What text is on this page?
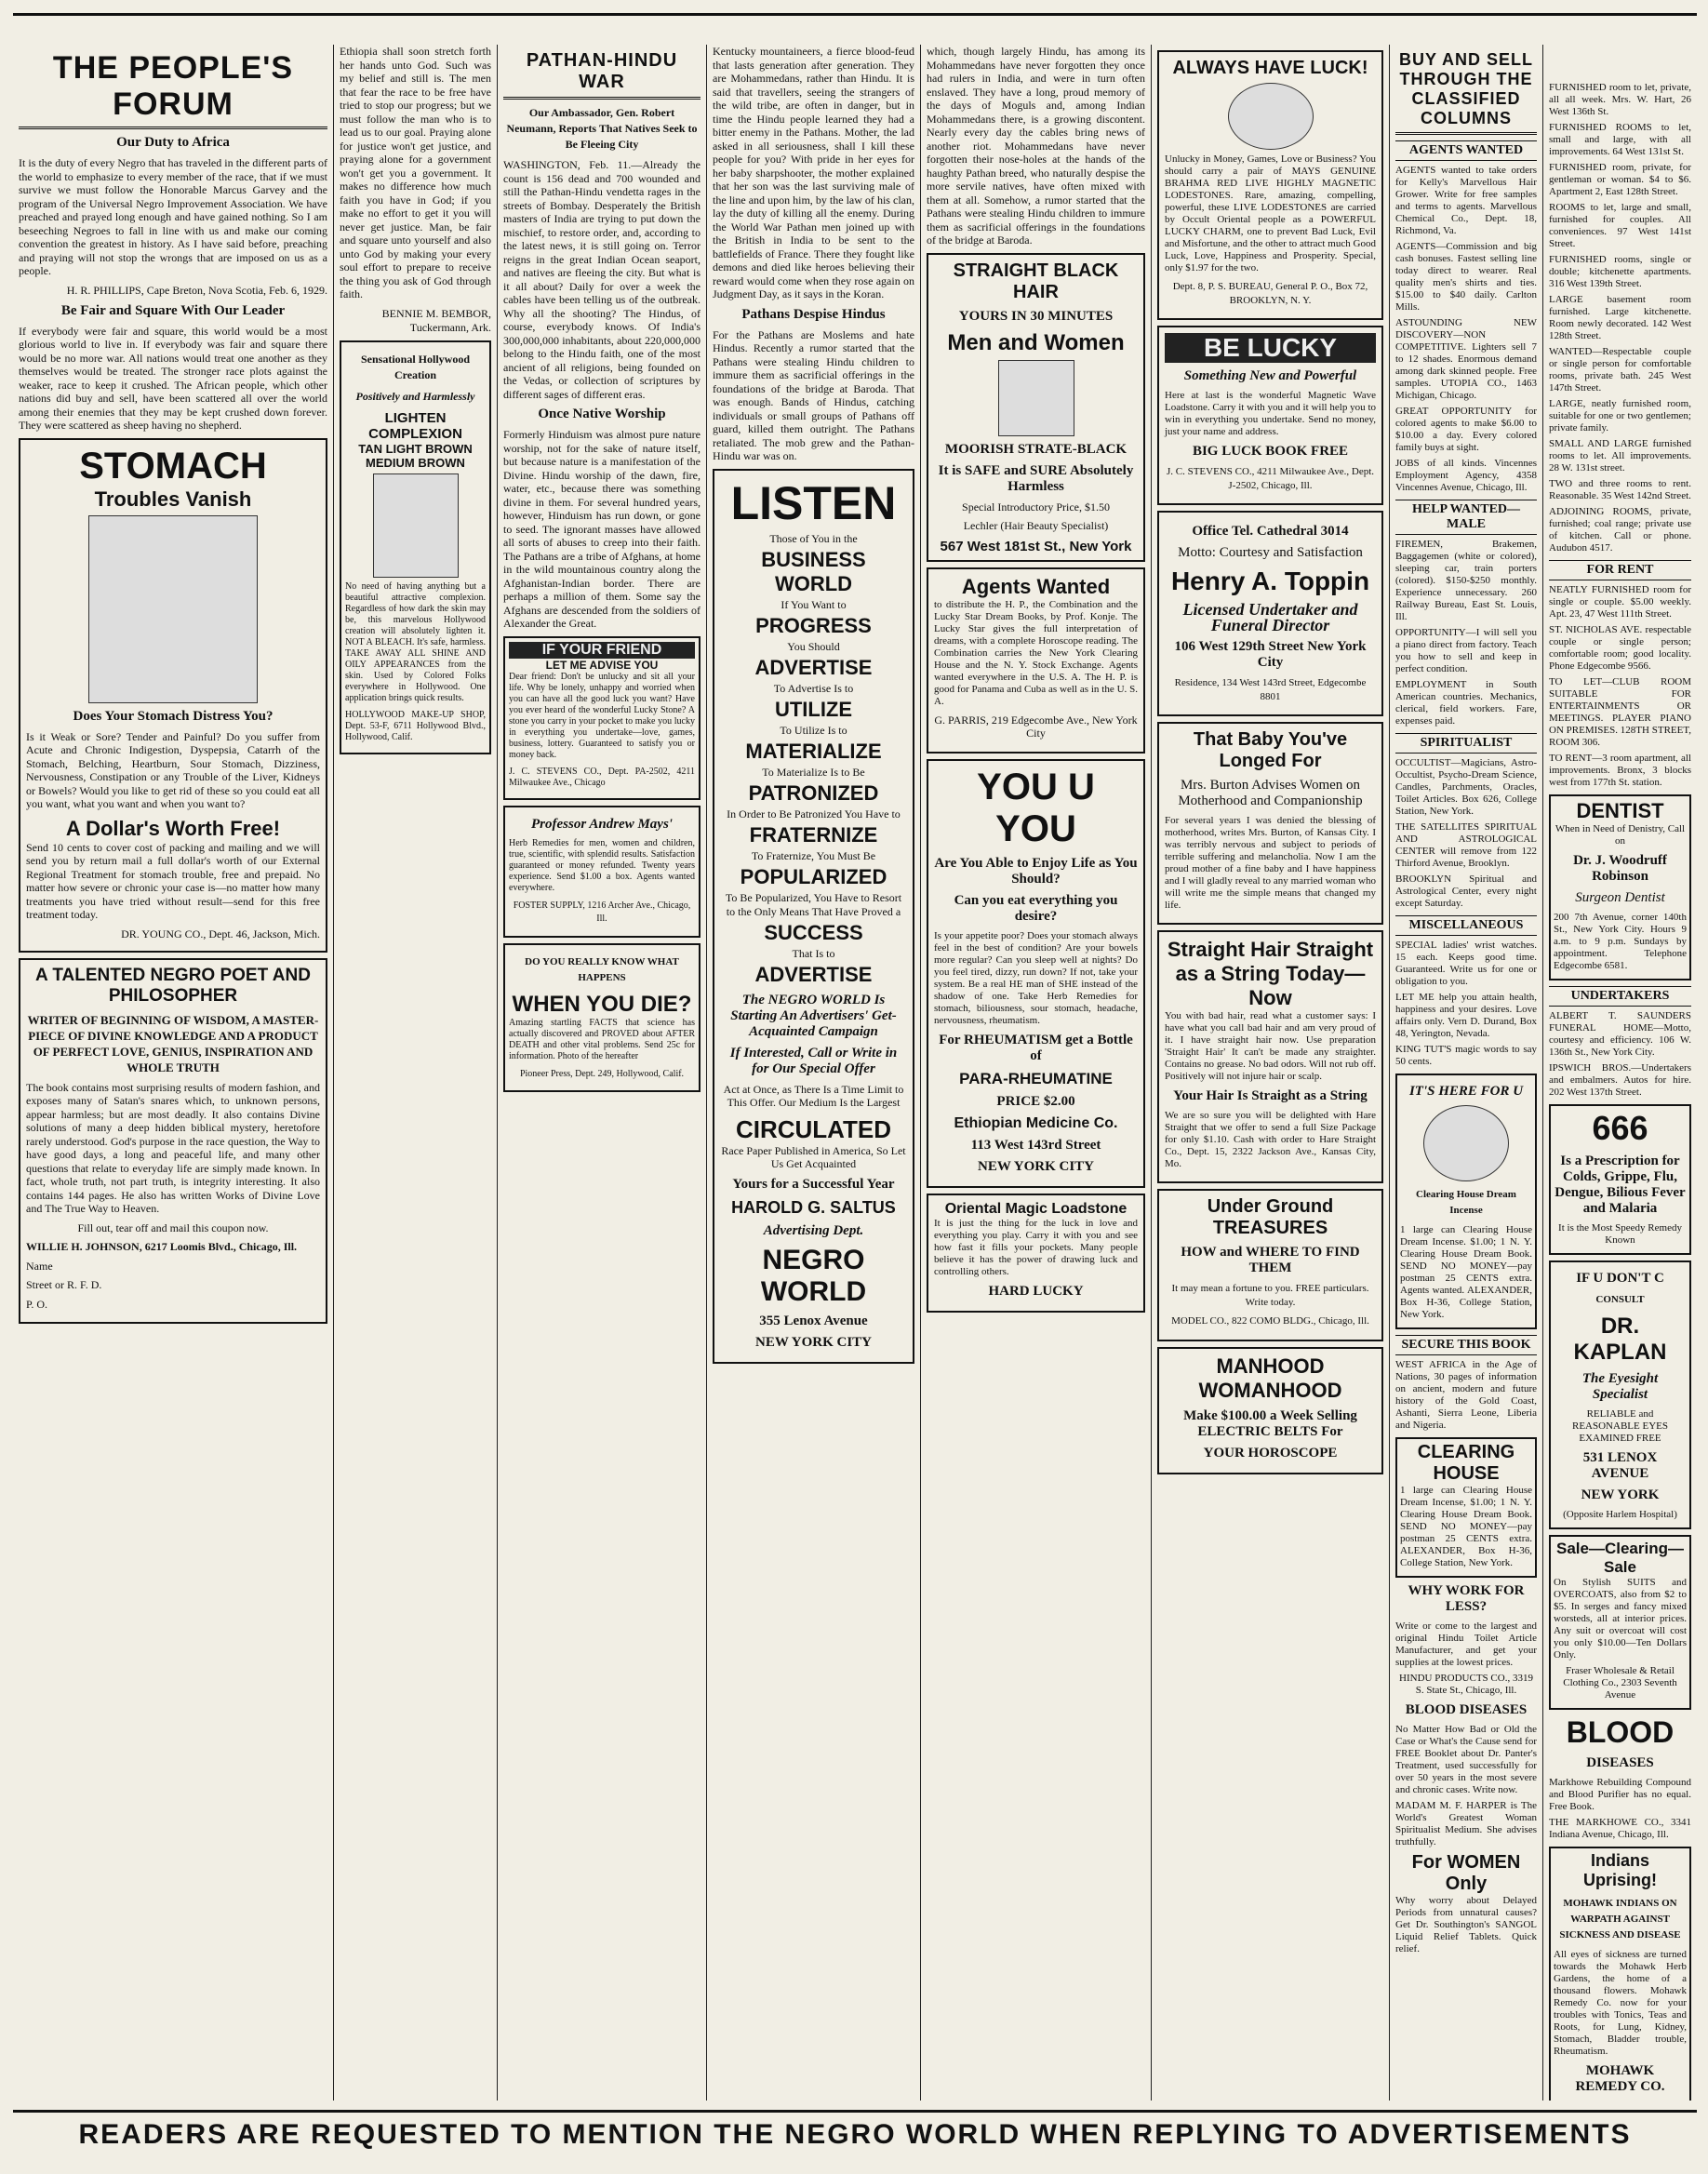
THE PEOPLE'S FORUM
Our Duty to Africa

It is the duty of every Negro that has traveled in the different parts of the world to emphasize to every member of the race, that if we must survive we must follow the Honorable Marcus Garvey and the program of the Universal Negro Improvement Association. We have preached and prayed long enough and have gained nothing. So I am beseeching Negroes to fall in line with us and make our coming convention the greatest in history. As I have said before, preaching and praying will not stop the wrongs that are imposed on us as a people.

H. R. PHILLIPS, Cape Breton, Nova Scotia, Feb. 6, 1929.

Be Fair and Square With Our Leader

If everybody were fair and square, this world would be a most glorious world to live in. If everybody was fair and square there would be no more war. All nations would treat one another as they themselves would be treated. The stronger race plots against the weaker, race to keep it crushed. The African people, which other nations did buy and sell, have been scattered all over the world among their enemies that they may be kept crushed down forever. They were scattered as sheep having no shepherd.

STOMACH
Troubles Vanish
Does Your Stomach Distress You?

Is it Weak or Sore? Tender and Painful? Do you suffer from Acute and Chronic Indigestion, Dyspepsia, Catarrh of the Stomach, Belching, Heartburn, Sour Stomach, Dizziness, Nervousness, Constipation or any Trouble of the Liver, Kidneys or Bowels? Would you like to get rid of these so you could eat all you want, what you want and when you want to?

A Dollar's Worth Free!

Send 10 cents to cover cost of packing and mailing and we will send you by return mail a full dollar's worth of our External Regional Treatment for stomach trouble, free and prepaid. No matter how severe or chronic your case is—no matter how many treatments you have tried without result—send for this free treatment today.

DR. YOUNG CO., Dept. 46, Jackson, Mich.

A TALENTED NEGRO POET AND PHILOSOPHER
WRITER OF BEGINNING OF WISDOM, A MASTER-PIECE OF DIVINE KNOWLEDGE AND A PRODUCT OF PERFECT LOVE, GENIUS, INSPIRATION AND WHOLE TRUTH

The book contains most surprising results of modern fashion, and exposes many of Satan's snares which, to unknown persons, appear harmless; but are most deadly. It also contains Divine solutions of many a deep hidden biblical mystery, heretofore rarely understood. God's purpose in the race question, the Way to have good days, a long and peaceful life, and many other questions that relate to everyday life are simply made known. In fact, whole truth, not part truth, is integrity interesting. It also contains 144 pages. He also has written Works of Divine Love and The True Way to Heaven.

Fill out, tear off and mail this coupon now.

WILLIE H. JOHNSON, 6217 Loomis Blvd., Chicago, Ill.

Name

Street or R. F. D.

P. O.

Ethiopia shall soon stretch forth her hands unto God. Such was my belief and still is. The men that fear the race to be free have tried to stop our progress; but we must follow the man who is to lead us to our goal. Praying alone for justice won't get justice, and praying alone for a government won't get you a government. It makes no difference how much faith you have in God; if you make no effort to get it you will never get justice. Man, be fair and square unto yourself and also unto God by making your every soul effort to prepare to receive the thing you ask of God through faith.

BENNIE M. BEMBOR, Tuckermann, Ark.

Sensational Hollywood Creation
Positively and Harmlessly
LIGHTEN COMPLEXION
TAN LIGHT BROWN MEDIUM BROWN

No need of having anything but a beautiful attractive complexion. Regardless of how dark the skin may be, this marvelous Hollywood creation will absolutely lighten it. NOT A BLEACH. It's safe, harmless. TAKE AWAY ALL SHINE AND OILY APPEARANCES from the skin. Used by Colored Folks everywhere in Hollywood. One application brings quick results.

HOLLYWOOD MAKE-UP SHOP, Dept. 53-F, 6711 Hollywood Blvd., Hollywood, Calif.

PATHAN-HINDU WAR
Our Ambassador, Gen. Robert Neumann, Reports That Natives Seek to Be Fleeing City

WASHINGTON, Feb. 11.—Already the count is 156 dead and 700 wounded and still the Pathan-Hindu vendetta rages in the streets of Bombay. Desperately the British masters of India are trying to put down the mischief, to restore order, and, according to the latest news, it is still going on. Terror reigns in the great Indian Ocean seaport, and natives are fleeing the city. But what is it all about? Daily for over a week the cables have been telling us of the outbreak. Why all the shooting? The Hindus, of course, everybody knows. Of India's 300,000,000 inhabitants, about 220,000,000 belong to the Hindu faith, one of the most ancient of all religions, being founded on the Vedas, or collection of scriptures by different sages of different eras.

Once Native Worship

Formerly Hinduism was almost pure nature worship, not for the sake of nature itself, but because nature is a manifestation of the Divine. Hindu worship of the dawn, fire, water, etc., because there was something divine in them. For several hundred years, however, Hinduism has run down, or gone to seed. The ignorant masses have allowed all sorts of abuses to creep into their faith. The Pathans are a tribe of Afghans, at home in the wild mountainous country along the Afghanistan-Indian border. There are perhaps a million of them. Some say the Afghans are descended from the soldiers of Alexander the Great.

IF YOUR FRIEND
LET ME ADVISE YOU

Dear friend: Don't be unlucky and sit all your life. Why be lonely, unhappy and worried when you can have all the good luck you want? Have you ever heard of the wonderful Lucky Stone? A stone you carry in your pocket to make you lucky in everything you undertake—love, games, business, lottery. Guaranteed to satisfy you or money back.

J. C. STEVENS CO., Dept. PA-2502, 4211 Milwaukee Ave., Chicago

Professor Andrew Mays'

Herb Remedies for men, women and children, true, scientific, with splendid results. Satisfaction guaranteed or money refunded. Twenty years experience. Send $1.00 a box. Agents wanted everywhere.

FOSTER SUPPLY, 1216 Archer Ave., Chicago, Ill.

DO YOU REALLY KNOW WHAT HAPPENS
WHEN YOU DIE?

Amazing startling FACTS that science has actually discovered and PROVED about AFTER DEATH and other vital problems. Send 25c for information. Photo of the hereafter

Pioneer Press, Dept. 249, Hollywood, Calif.

Kentucky mountaineers, a fierce blood-feud that lasts generation after generation. They are Mohammedans, rather than Hindu. It is said that travellers, seeing the strangers of the wild tribe, are often in danger, but in time the Hindu people learned they had a bitter enemy in the Pathans. Mother, the lad asked in all seriousness, shall I kill these people for you? With pride in her eyes for her baby sharpshooter, the mother explained that her son was the last surviving male of the line and upon him, by the law of his clan, lay the duty of killing all the enemy. During the World War Pathan men joined up with the British in India to be sent to the battlefields of France. There they fought like demons and died like heroes believing their reward would come when they rose again on Judgment Day, as it says in the Koran.

Pathans Despise Hindus

For the Pathans are Moslems and hate Hindus. Recently a rumor started that the Pathans were stealing Hindu children to immure them as sacrificial offerings in the foundations of the bridge at Baroda. That was enough. Bands of Hindus, catching individuals or small groups of Pathans off guard, killed them outright. The Pathans retaliated. The mob grew and the Pathan-Hindu war was on.

LISTEN
Those of You in the
BUSINESS WORLD
If You Want to
PROGRESS
You Should
ADVERTISE
To Advertise Is to
UTILIZE
To Utilize Is to
MATERIALIZE
To Materialize Is to Be
PATRONIZED
In Order to Be Patronized You Have to
FRATERNIZE
To Fraternize, You Must Be
POPULARIZED
To Be Popularized, You Have to Resort to the Only Means That Have Proved a
SUCCESS
That Is to
ADVERTISE
The NEGRO WORLD Is Starting An Advertisers' Get-Acquainted Campaign
If Interested, Call or Write in for Our Special Offer

Act at Once, as There Is a Time Limit to This Offer. Our Medium Is the Largest

CIRCULATED

Race Paper Published in America, So Let Us Get Acquainted

Yours for a Successful Year
HAROLD G. SALTUS
Advertising Dept.
NEGRO WORLD
355 Lenox Avenue
NEW YORK CITY

which, though largely Hindu, has among its Mohammedans have never forgotten they once had rulers in India, and were in turn often enslaved. They have a long, proud memory of the days of Moguls and, among Indian Mohammedans there, is a growing discontent. Nearly every day the cables bring news of another riot. Mohammedans have never forgotten their nose-holes at the hands of the haughty Pathan breed, who naturally despise the more servile natives, have often mixed with them at all. Somehow, a rumor started that the Pathans were stealing Hindu children to immure them as sacrificial offerings in the foundations of the bridge at Baroda.

STRAIGHT BLACK HAIR
YOURS IN 30 MINUTES
Men and Women
MOORISH STRATE-BLACK
It is SAFE and SURE Absolutely Harmless

Special Introductory Price, $1.50

Lechler (Hair Beauty Specialist)

567 West 181st St., New York
Agents Wanted

to distribute the H. P., the Combination and the Lucky Star Dream Books, by Prof. Konje. The Lucky Star gives the full interpretation of dreams, with a complete Horoscope reading. The Combination carries the New York Clearing House and the N. Y. Stock Exchange. Agents wanted everywhere in the U.S. A. The H. P. is good for Panama and Cuba as well as in the U. S. A.

G. PARRIS, 219 Edgecombe Ave., New York City

YOU U YOU
Are You Able to Enjoy Life as You Should?
Can you eat everything you desire?

Is your appetite poor? Does your stomach always feel in the best of condition? Are your bowels more regular? Can you sleep well at nights? Do you feel tired, dizzy, run down? If not, take your system. Be a real HE man of SHE instead of the shadow of one. Take Herb Remedies for stomach, biliousness, sour stomach, headache, nervousness, rheumatism.

For RHEUMATISM get a Bottle of
PARA-RHEUMATINE
PRICE $2.00
Ethiopian Medicine Co.
113 West 143rd Street
NEW YORK CITY
Oriental Magic Loadstone

It is just the thing for the luck in love and everything you play. Carry it with you and see how fast it fills your pockets. Many people believe it has the power of drawing luck and controlling others.

HARD LUCKY
ALWAYS HAVE LUCK!

Unlucky in Money, Games, Love or Business? You should carry a pair of MAYS GENUINE BRAHMA RED LIVE HIGHLY MAGNETIC LODESTONES. Rare, amazing, compelling, powerful, these LIVE LODESTONES are carried by Occult Oriental people as a POWERFUL LUCKY CHARM, one to prevent Bad Luck, Evil and Misfortune, and the other to attract much Good Luck, Love, Happiness and Prosperity. Special, only $1.97 for the two.

Dept. 8, P. S. BUREAU, General P. O., Box 72, BROOKLYN, N. Y.

BE LUCKY
Something New and Powerful

Here at last is the wonderful Magnetic Wave Loadstone. Carry it with you and it will help you to win in everything you undertake. Send no money, just your name and address.

BIG LUCK BOOK FREE

J. C. STEVENS CO., 4211 Milwaukee Ave., Dept. J-2502, Chicago, Ill.

Office Tel. Cathedral 3014
Motto: Courtesy and Satisfaction
Henry A. Toppin
Licensed Undertaker and Funeral Director
106 West 129th Street New York City

Residence, 134 West 143rd Street, Edgecombe 8801

That Baby You've Longed For
Mrs. Burton Advises Women on Motherhood and Companionship

For several years I was denied the blessing of motherhood, writes Mrs. Burton, of Kansas City. I was terribly nervous and subject to periods of terrible suffering and melancholia. Now I am the proud mother of a fine baby and I have happiness and I will gladly reveal to any married woman who will write me the simple means that changed my life.

Straight Hair Straight as a String Today—Now

You with bad hair, read what a customer says: I have what you call bad hair and am very proud of it. I have straight hair now. Use preparation 'Straight Hair' It can't be made any straighter. Contains no grease. No bad odors. Will not rub off. Positively will not injure hair or scalp.

Your Hair Is Straight as a String

We are so sure you will be delighted with Hare Straight that we offer to send a full Size Package for only $1.10. Cash with order to Hare Straight Co., Dept. 15, 2322 Jackson Ave., Kansas City, Mo.

Under Ground TREASURES
HOW and WHERE TO FIND THEM

It may mean a fortune to you. FREE particulars. Write today.

MODEL CO., 822 COMO BLDG., Chicago, Ill.

MANHOOD WOMANHOOD
Make $100.00 a Week Selling ELECTRIC BELTS For
YOUR HOROSCOPE
BUY AND SELL THROUGH THE CLASSIFIED COLUMNS
AGENTS WANTED

AGENTS wanted to take orders for Kelly's Marvellous Hair Grower. Write for free samples and terms to agents. Marvellous Chemical Co., Dept. 18, Richmond, Va.

AGENTS—Commission and big cash bonuses. Fastest selling line today direct to wearer. Real quality men's shirts and ties. $15.00 to $40 daily. Carlton Mills.

ASTOUNDING NEW DISCOVERY—NON COMPETITIVE. Lighters sell 7 to 12 shades. Enormous demand among dark skinned people. Free samples. UTOPIA CO., 1463 Michigan, Chicago.

GREAT OPPORTUNITY for colored agents to make $6.00 to $10.00 a day. Every colored family buys at sight.

JOBS of all kinds. Vincennes Employment Agency, 4358 Vincennes Avenue, Chicago, Ill.

HELP WANTED—MALE

FIREMEN, Brakemen, Baggagemen (white or colored), sleeping car, train porters (colored). $150-$250 monthly. Experience unnecessary. 260 Railway Bureau, East St. Louis, Ill.

OPPORTUNITY—I will sell you a piano direct from factory. Teach you how to sell and keep in perfect condition.

EMPLOYMENT in South American countries. Mechanics, clerical, field workers. Fare, expenses paid.

SPIRITUALIST

OCCULTIST—Magicians, Astro-Occultist, Psycho-Dream Science, Candles, Parchments, Oracles, Toilet Articles. Box 626, College Station, New York.

THE SATELLITES SPIRITUAL AND ASTROLOGICAL CENTER will remove from 122 Thirford Avenue, Brooklyn.

BROOKLYN Spiritual and Astrological Center, every night except Saturday.

MISCELLANEOUS

SPECIAL ladies' wrist watches. 15 each. Keeps good time. Guaranteed. Write us for one or obligation to you.

LET ME help you attain health, happiness and your desires. Love affairs only. Vern D. Durand, Box 48, Yerington, Nevada.

KING TUT'S magic words to say 50 cents.

IT'S HERE FOR U
Clearing House Dream Incense

1 large can Clearing House Dream Incense. $1.00; 1 N. Y. Clearing House Dream Book. SEND NO MONEY—pay postman 25 CENTS extra. Agents wanted. ALEXANDER, Box H-36, College Station, New York.

SECURE THIS BOOK

WEST AFRICA in the Age of Nations, 30 pages of information on ancient, modern and future history of the Gold Coast, Ashanti, Sierra Leone, Liberia and Nigeria.

CLEARING HOUSE

1 large can Clearing House Dream Incense, $1.00; 1 N. Y. Clearing House Dream Book. SEND NO MONEY—pay postman 25 CENTS extra. ALEXANDER, Box H-36, College Station, New York.

WHY WORK FOR LESS?

Write or come to the largest and original Hindu Toilet Article Manufacturer, and get your supplies at the lowest prices.

HINDU PRODUCTS CO., 3319 S. State St., Chicago, Ill.

BLOOD DISEASES

No Matter How Bad or Old the Case or What's the Cause send for FREE Booklet about Dr. Panter's Treatment, used successfully for over 50 years in the most severe and chronic cases. Write now.

MADAM M. F. HARPER is The World's Greatest Woman Spiritualist Medium. She advises truthfully.

For WOMEN Only

Why worry about Delayed Periods from unnatural causes? Get Dr. Southington's SANGOL Liquid Relief Tablets. Quick relief.

FURNISHED room to let, private, all all week. Mrs. W. Hart, 26 West 136th St.

FURNISHED ROOMS to let, small and large, with all improvements. 64 West 131st St.

FURNISHED room, private, for gentleman or woman. $4 to $6. Apartment 2, East 128th Street.

ROOMS to let, large and small, furnished for couples. All conveniences. 97 West 141st Street.

FURNISHED rooms, single or double; kitchenette apartments. 316 West 139th Street.

LARGE basement room furnished. Large kitchenette. Room newly decorated. 142 West 128th Street.

WANTED—Respectable couple or single person for comfortable rooms, private bath. 245 West 147th Street.

LARGE, neatly furnished room, suitable for one or two gentlemen; private family.

SMALL AND LARGE furnished rooms to let. All improvements. 28 W. 131st street.

TWO and three rooms to rent. Reasonable. 35 West 142nd Street.

ADJOINING ROOMS, private, furnished; coal range; private use of kitchen. Call or phone. Audubon 4517.

FOR RENT

NEATLY FURNISHED room for single or couple. $5.00 weekly. Apt. 23, 47 West 111th Street.

ST. NICHOLAS AVE. respectable couple or single person; comfortable room; good locality. Phone Edgecombe 9566.

TO LET—CLUB ROOM SUITABLE FOR ENTERTAINMENTS OR MEETINGS. PLAYER PIANO ON PREMISES. 128TH STREET, ROOM 306.

TO RENT—3 room apartment, all improvements. Bronx, 3 blocks west from 177th St. station.

DENTIST

When in Need of Denistry, Call on

Dr. J. Woodruff Robinson
Surgeon Dentist

200 7th Avenue, corner 140th St., New York City. Hours 9 a.m. to 9 p.m. Sundays by appointment. Telephone Edgecombe 6581.

UNDERTAKERS

ALBERT T. SAUNDERS FUNERAL HOME—Motto, courtesy and efficiency. 106 W. 136th St., New York City.

IPSWICH BROS.—Undertakers and embalmers. Autos for hire. 202 West 137th Street.

666
Is a Prescription for Colds, Grippe, Flu, Dengue, Bilious Fever and Malaria

It is the Most Speedy Remedy Known

IF U DON'T C
CONSULT
DR. KAPLAN
The Eyesight Specialist

RELIABLE and REASONABLE EYES EXAMINED FREE

531 LENOX AVENUE
NEW YORK

(Opposite Harlem Hospital)

Sale—Clearing—Sale

On Stylish SUITS and OVERCOATS, also from $2 to $5. In serges and fancy mixed worsteds, all at interior prices. Any suit or overcoat will cost you only $10.00—Ten Dollars Only.

Fraser Wholesale & Retail Clothing Co., 2303 Seventh Avenue

BLOOD
DISEASES

Markhowe Rebuilding Compound and Blood Purifier has no equal. Free Book.

THE MARKHOWE CO., 3341 Indiana Avenue, Chicago, Ill.

Indians Uprising!
MOHAWK INDIANS ON WARPATH AGAINST SICKNESS AND DISEASE

All eyes of sickness are turned towards the Mohawk Herb Gardens, the home of a thousand flowers. Mohawk Remedy Co. now for your troubles with Tonics, Teas and Roots, for Lung, Kidney, Stomach, Bladder trouble, Rheumatism.

MOHAWK REMEDY CO.
READERS ARE REQUESTED TO MENTION THE NEGRO WORLD WHEN REPLYING TO ADVERTISEMENTS
